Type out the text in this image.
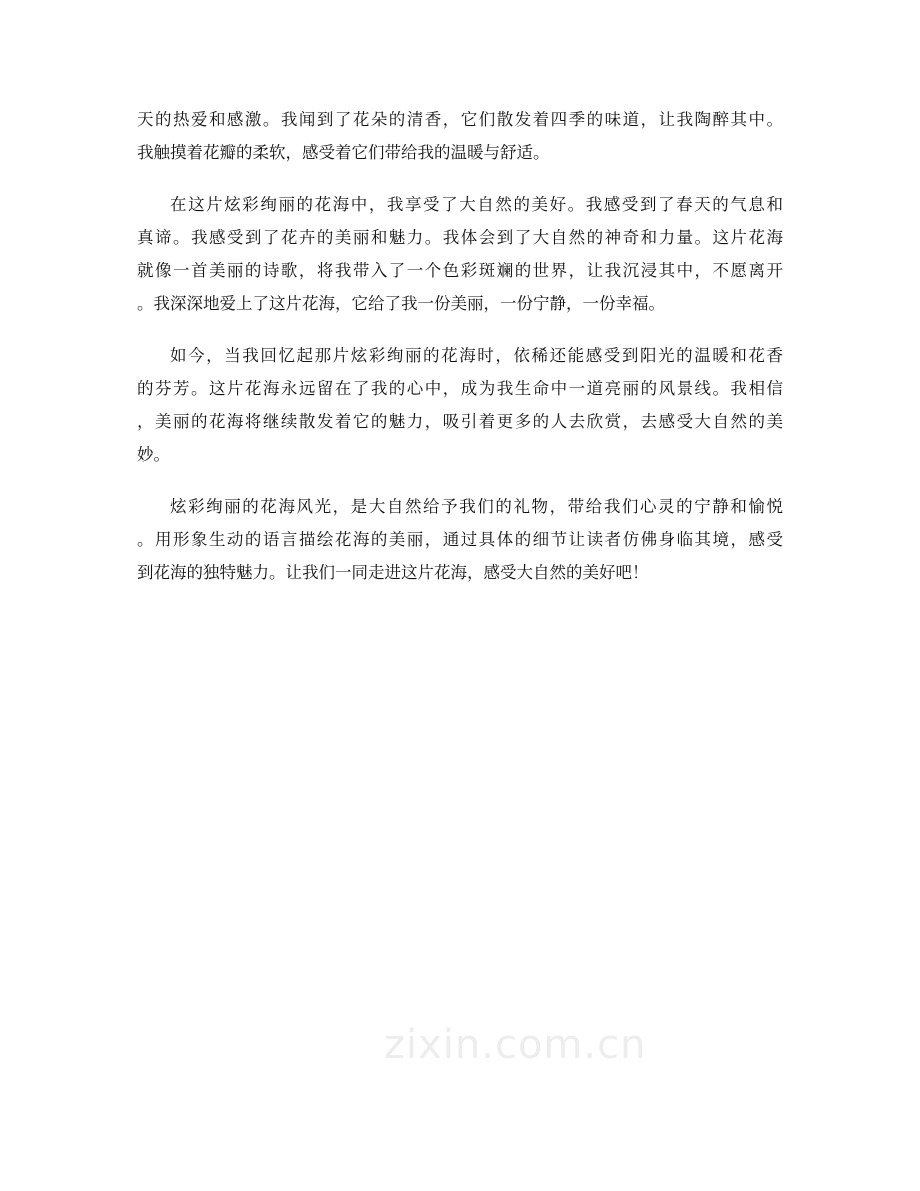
天的热爱和感激。我闻到了花朵的清香，它们散发着四季的味道，让我陶醉其中。
我触摸着花瓣的柔软，感受着它们带给我的温暖与舒适。
在这片炫彩绚丽的花海中，我享受了大自然的美好。我感受到了春天的气息和
真谛。我感受到了花卉的美丽和魅力。我体会到了大自然的神奇和力量。这片花海
就像一首美丽的诗歌，将我带入了一个色彩斑斓的世界，让我沉浸其中，不愿离开
。我深深地爱上了这片花海，它给了我一份美丽，一份宁静，一份幸福。
如今，当我回忆起那片炫彩绚丽的花海时，依稀还能感受到阳光的温暖和花香
的芬芳。这片花海永远留在了我的心中，成为我生命中一道亮丽的风景线。我相信
，美丽的花海将继续散发着它的魅力，吸引着更多的人去欣赏，去感受大自然的美
妙。
炫彩绚丽的花海风光，是大自然给予我们的礼物，带给我们心灵的宁静和愉悦
。用形象生动的语言描绘花海的美丽，通过具体的细节让读者仿佛身临其境，感受
到花海的独特魅力。让我们一同走进这片花海，感受大自然的美好吧！
zixin.com.cn
